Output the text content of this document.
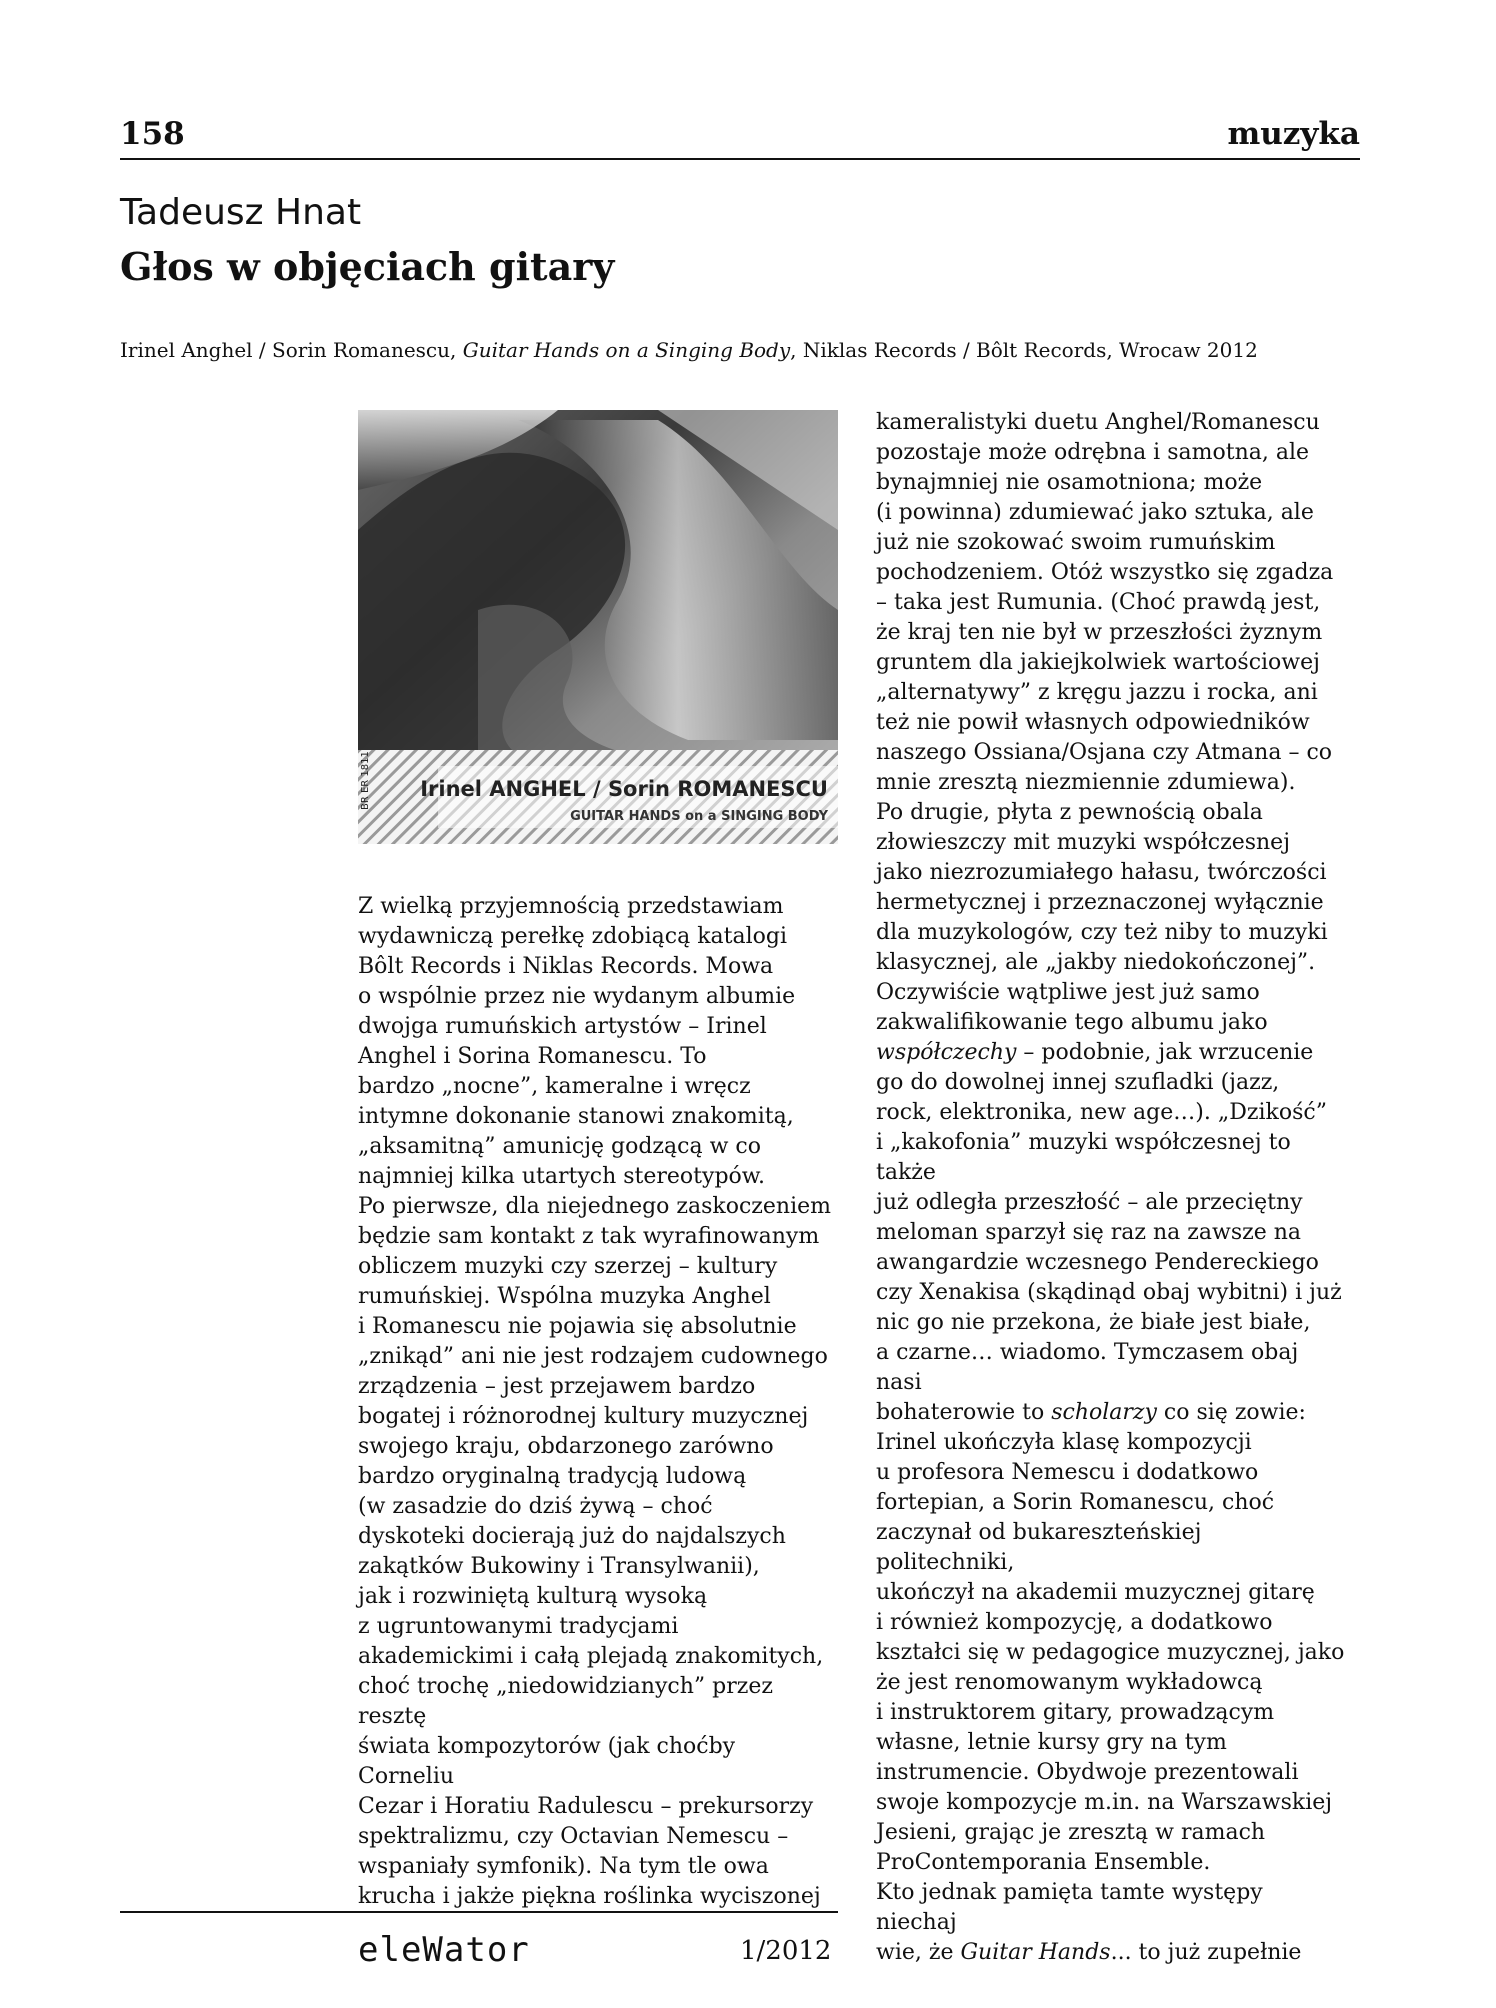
158	muzyka
Tadeusz Hnat
Głos w objęciach gitary
Irinel Anghel / Sorin Romanescu, Guitar Hands on a Singing Body, Niklas Records / Bôlt Records, Wrocaw 2012
BR ER 1811 Irinel ANGHEL / Sorin ROMANESCU
GUITAR HANDS on a SINGING BODY

Z wielką przyjemnością przedstawiam

wydawniczą perełkę zdobiącą katalogi

Bôlt Records i Niklas Records. Mowa

o wspólnie przez nie wydanym albumie

dwojga rumuńskich artystów – Irinel

Anghel i Sorina Romanescu. To

bardzo „nocne”, kameralne i wręcz

intymne dokonanie stanowi znakomitą,

„aksamitną” amunicję godzącą w co

najmniej kilka utartych stereotypów.

Po pierwsze, dla niejednego zaskoczeniem

będzie sam kontakt z tak wyrafinowanym

obliczem muzyki czy szerzej – kultury

rumuńskiej. Wspólna muzyka Anghel

i Romanescu nie pojawia się absolutnie

„znikąd” ani nie jest rodzajem cudownego

zrządzenia – jest przejawem bardzo

bogatej i różnorodnej kultury muzycznej

swojego kraju, obdarzonego zarówno

bardzo oryginalną tradycją ludową

(w zasadzie do dziś żywą – choć

dyskoteki docierają już do najdalszych

zakątków Bukowiny i Transylwanii),

jak i rozwiniętą kulturą wysoką

z ugruntowanymi tradycjami

akademickimi i całą plejadą znakomitych,

choć trochę „niedowidzianych” przez resztę

świata kompozytorów (jak choćby Corneliu

Cezar i Horatiu Radulescu – prekursorzy

spektralizmu, czy Octavian Nemescu –

wspaniały symfonik). Na tym tle owa

krucha i jakże piękna roślinka wyciszonej

kameralistyki duetu Anghel/Romanescu

pozostaje może odrębna i samotna, ale

bynajmniej nie osamotniona; może

(i powinna) zdumiewać jako sztuka, ale

już nie szokować swoim rumuńskim

pochodzeniem. Otóż wszystko się zgadza

– taka jest Rumunia. (Choć prawdą jest,

że kraj ten nie był w przeszłości żyznym

gruntem dla jakiejkolwiek wartościowej

„alternatywy” z kręgu jazzu i rocka, ani

też nie powił własnych odpowiedników

naszego Ossiana/Osjana czy Atmana – co

mnie zresztą niezmiennie zdumiewa).

Po drugie, płyta z pewnością obala

złowieszczy mit muzyki współczesnej

jako niezrozumiałego hałasu, twórczości

hermetycznej i przeznaczonej wyłącznie

dla muzykologów, czy też niby to muzyki

klasycznej, ale „jakby niedokończonej”.

Oczywiście wątpliwe jest już samo

zakwalifikowanie tego albumu jako

współczechy – podobnie, jak wrzucenie

go do dowolnej innej szufladki (jazz,

rock, elektronika, new age…). „Dzikość”

i „kakofonia” muzyki współczesnej to także

już odległa przeszłość – ale przeciętny

meloman sparzył się raz na zawsze na

awangardzie wczesnego Pendereckiego

czy Xenakisa (skądinąd obaj wybitni) i już

nic go nie przekona, że białe jest białe,

a czarne… wiadomo. Tymczasem obaj nasi

bohaterowie to scholarzy co się zowie:

Irinel ukończyła klasę kompozycji

u profesora Nemescu i dodatkowo

fortepian, a Sorin Romanescu, choć

zaczynał od bukareszteńskiej politechniki,

ukończył na akademii muzycznej gitarę

i również kompozycję, a dodatkowo

kształci się w pedagogice muzycznej, jako

że jest renomowanym wykładowcą

i instruktorem gitary, prowadzącym

własne, letnie kursy gry na tym

instrumencie. Obydwoje prezentowali

swoje kompozycje m.in. na Warszawskiej

Jesieni, grając je zresztą w ramach

ProContemporania Ensemble.

Kto jednak pamięta tamte występy niechaj

wie, że Guitar Hands... to już zupełnie

eleWator	1/2012
